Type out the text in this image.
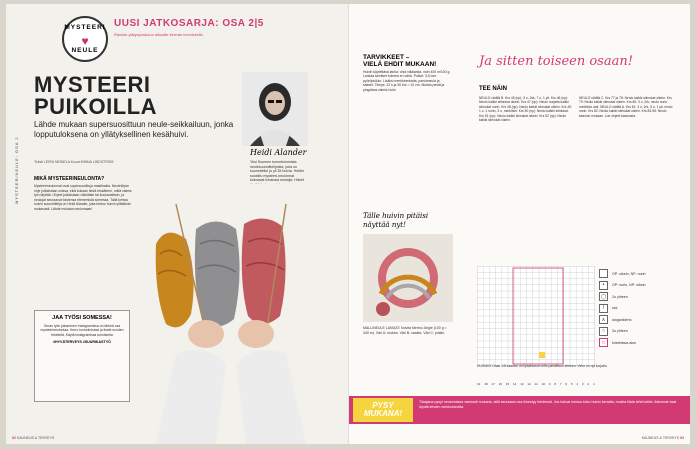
MYSTEERINEULE: OSA 2
MYSTEERI
♥
NEULE
UUSI JATKOSARJA: OSA 2|5
Ravistu ylätyspuskuun alkoalle kerrran kerrokselle.
MYSTEERI
PUIKOILLA
Lähde mukaan supersuosittuun neule-seikkailuun, jonka lopputuloksena on yllätyksellinen kesähuivi.
Teksti LEENI NEINELA Kuvat MINNA LINDSTRÖM
Heidi Alander
Yksi Suomen tunnetuimmista neulesuunnittelijoista, joka on suunnitellut jo yli 35 huivia. Heidin suosittu mysteeri-neulonnat kokoavat tuhansia neulojia. Hänet
MIKÄ MYSTEERINEULONTA?
Mysteerineulonnat ovat supersuosittuja maailmalla. Neulekirjan ohje julkaistaan osissa, eikä kukaan tiedä etukäteen, miltä valmis työ näyttää. Ohjeet julkaistaan viikoittain tai kuukausittain, ja neulojat seuraavat toistensa etenemistä somessa. Tällä kertaa huivin suunnittelija on Heidi Alander, joka kertoo huivin yllättävän mukavasti. Lähde mukaan neulomaan!
JAA TYÖSI SOMESSA!
Oman työn jakaminen Instagramissa on tärkeä osa mysteerineulontaa. Kerro tunnelmistasi ja ihaile muiden tekeleitä. Käytä instagramissa tunnisteita
#HYVÄTERVEYS #SUURIKASTYÖ
62 KAUNEUS & TERVEYS
TARVIKKEET –
VIELÄ EHDIT MUKAAN!
Huivin käytettävä lanka: ohut villalanka, noin 400 m/100 g. Lankaa tarvitset kolmea eri väriä. Puikot: 3,5 mm pyöröpuikko. Lisäksi merkkirenkaita, parsinneula ja sakset. Tiheys: 22 s ja 30 krs = 10 cm. Muista pestä ja pingottaa valmis huivi.
Tälle huivin pitäisi
näyttää nyt!
MALLINEULE LANGAT: Novita Merino Jingle (100 g = 340 m). Väri A: ruskea. Väri B: vaalea. Väri C: pinkki.
Ja sitten toiseen osaan!
TEE NÄIN
NEULO väriltä B. Krs 45 (np): 3 o, 2sk, 7 o, 1 ylt. Krs 46 (np): Neulo kaikki silmukat oikein. Krs 47 (np): Neulo nurjalta kaikki silmukat nurin. Krs 48 (np): Neulo kaikki silmukat oikein. Krs 49: 1 o, 1 nurin, 3 o, merkitsin. Krs 50 (np): Neulo kaikki silmukat. Krs 51 (np): Neulo kaikki silmukat oikein. Krs 52 (np): Neulo kaikki silmukat oikein.
NEULO väriltä C. Krs 77 ja 78: Neulo kaikki silmukat oikein. Krs 79: Neulo kaikki silmukat oikein. Krs 80: 3 o, 2rk, neulo nurin merkitsin asti. NEULO väriltä A. Krs 81: 3 o, 2rk, 5 o, 1 ylt, neulo nurin. Krs 82: Neulo kaikki silmukat oikein. Krs 83-96: Neulo kaavion mukaan. Lue ohjeet kaaviosta.
OP: oikein, NP: nurin
•	OP: nurin, NP: oikein
◯	2o yhteen
/	ssk
∧	langankierto
○	3o yhteen
□	toistettava alue
HUOMIO! Osan 1/5 kaavion on lipsahtanut virhe painettuun lehteen. Virhe on nyt korjattu.
19 18 17 16 15 14 13 12 11 10 9 8 7 6 5 4 3 2 1
PYSY
MUKANA!
Tilaajana pysyt neulomassa varmasti mukana, sillä seuraava osa ilmestyy lehdessä. Jos haluat neuloa koko huivin kerralla, muista tilata lehti kotiisi. Aiemmat osat löydät lehden verkkosivuilta.
KAUNEUS & TERVEYS 63
